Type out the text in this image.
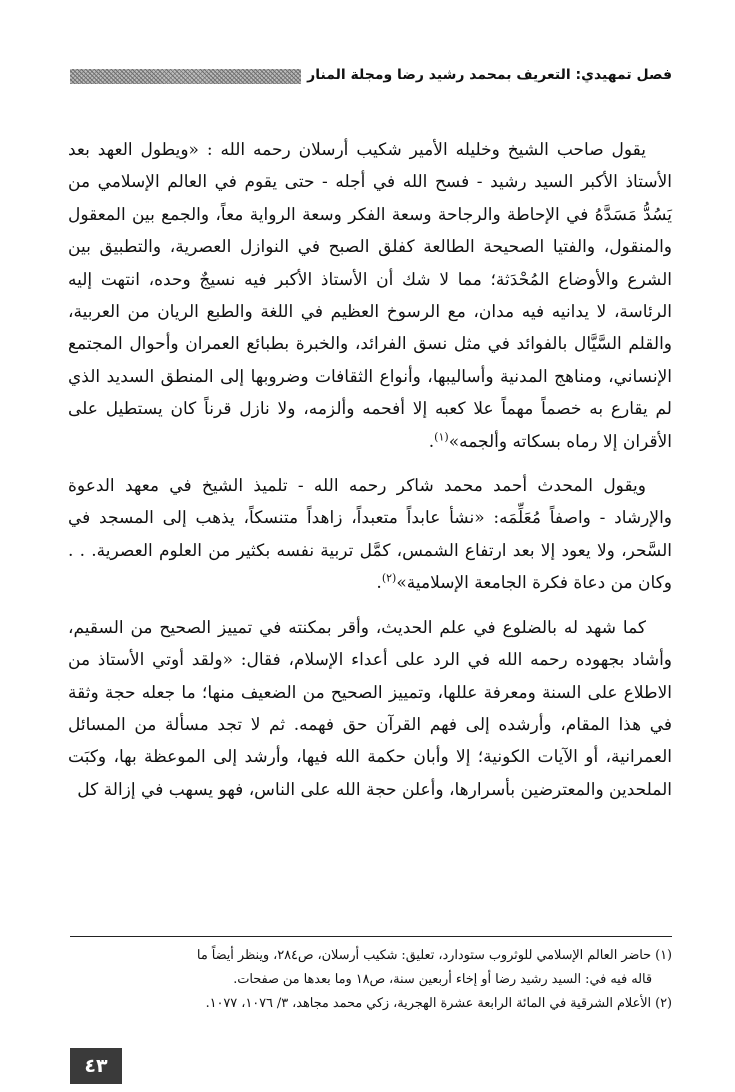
فصل تمهيدي: التعريف بمحمد رشيد رضا ومجلة المنار

يقول صاحب الشيخ وخليله الأمير شكيب أرسلان رحمه الله : «ويطول العهد بعد الأستاذ الأكبر السيد رشيد - فسح الله في أجله - حتى يقوم في العالم الإسلامي من يَسُدُّ مَسَدَّهُ في الإحاطة والرجاحة وسعة الفكر وسعة الرواية معاً، والجمع بين المعقول والمنقول، والفتيا الصحيحة الطالعة كفلق الصبح في النوازل العصرية، والتطبيق بين الشرع والأوضاع المُحْدَثة؛ مما لا شك أن الأستاذ الأكبر فيه نسيجٌ وحده، انتهت إليه الرئاسة، لا يدانيه فيه مدان، مع الرسوخ العظيم في اللغة والطبع الريان من العربية، والقلم السَّيَّال بالفوائد في مثل نسق الفرائد، والخبرة بطبائع العمران وأحوال المجتمع الإنساني، ومناهج المدنية وأساليبها، وأنواع الثقافات وضروبها إلى المنطق السديد الذي لم يقارع به خصماً مهماً علا كعبه إلا أفحمه وألزمه، ولا نازل قرناً كان يستطيل على الأقران إلا رماه بسكاته وألجمه»$^{(١)}$.

ويقول المحدث أحمد محمد شاكر رحمه الله - تلميذ الشيخ في معهد الدعوة والإرشاد - واصفاً مُعَلِّمَه: «نشأ عابداً متعبداً، زاهداً متنسكاً، يذهب إلى المسجد في السَّحر، ولا يعود إلا بعد ارتفاع الشمس، كمَّل تربية نفسه بكثير من العلوم العصرية. . . وكان من دعاة فكرة الجامعة الإسلامية»$^{(٢)}$.

كما شهد له بالضلوع في علم الحديث، وأقر بمكنته في تمييز الصحيح من السقيم، وأشاد بجهوده رحمه الله في الرد على أعداء الإسلام، فقال: «ولقد أوتي الأستاذ من الاطلاع على السنة ومعرفة عللها، وتمييز الصحيح من الضعيف منها؛ ما جعله حجة وثقة في هذا المقام، وأرشده إلى فهم القرآن حق فهمه. ثم لا تجد مسألة من المسائل العمرانية، أو الآيات الكونية؛ إلا وأبان حكمة الله فيها، وأرشد إلى الموعظة بها، وكبَت الملحدين والمعترضين بأسرارها، وأعلن حجة الله على الناس، فهو يسهب في إزالة كل

(١) حاضر العالم الإسلامي للوثروب ستودارد، تعليق: شكيب أرسلان، ص٢٨٤، وينظر أيضاً ما

قاله فيه في: السيد رشيد رضا أو إخاء أربعين سنة، ص١٨ وما بعدها من صفحات.

(٢) الأعلام الشرقية في المائة الرابعة عشرة الهجرية، زكي محمد مجاهد، ٣/ ١٠٧٦، ١٠٧٧.

٤٣
